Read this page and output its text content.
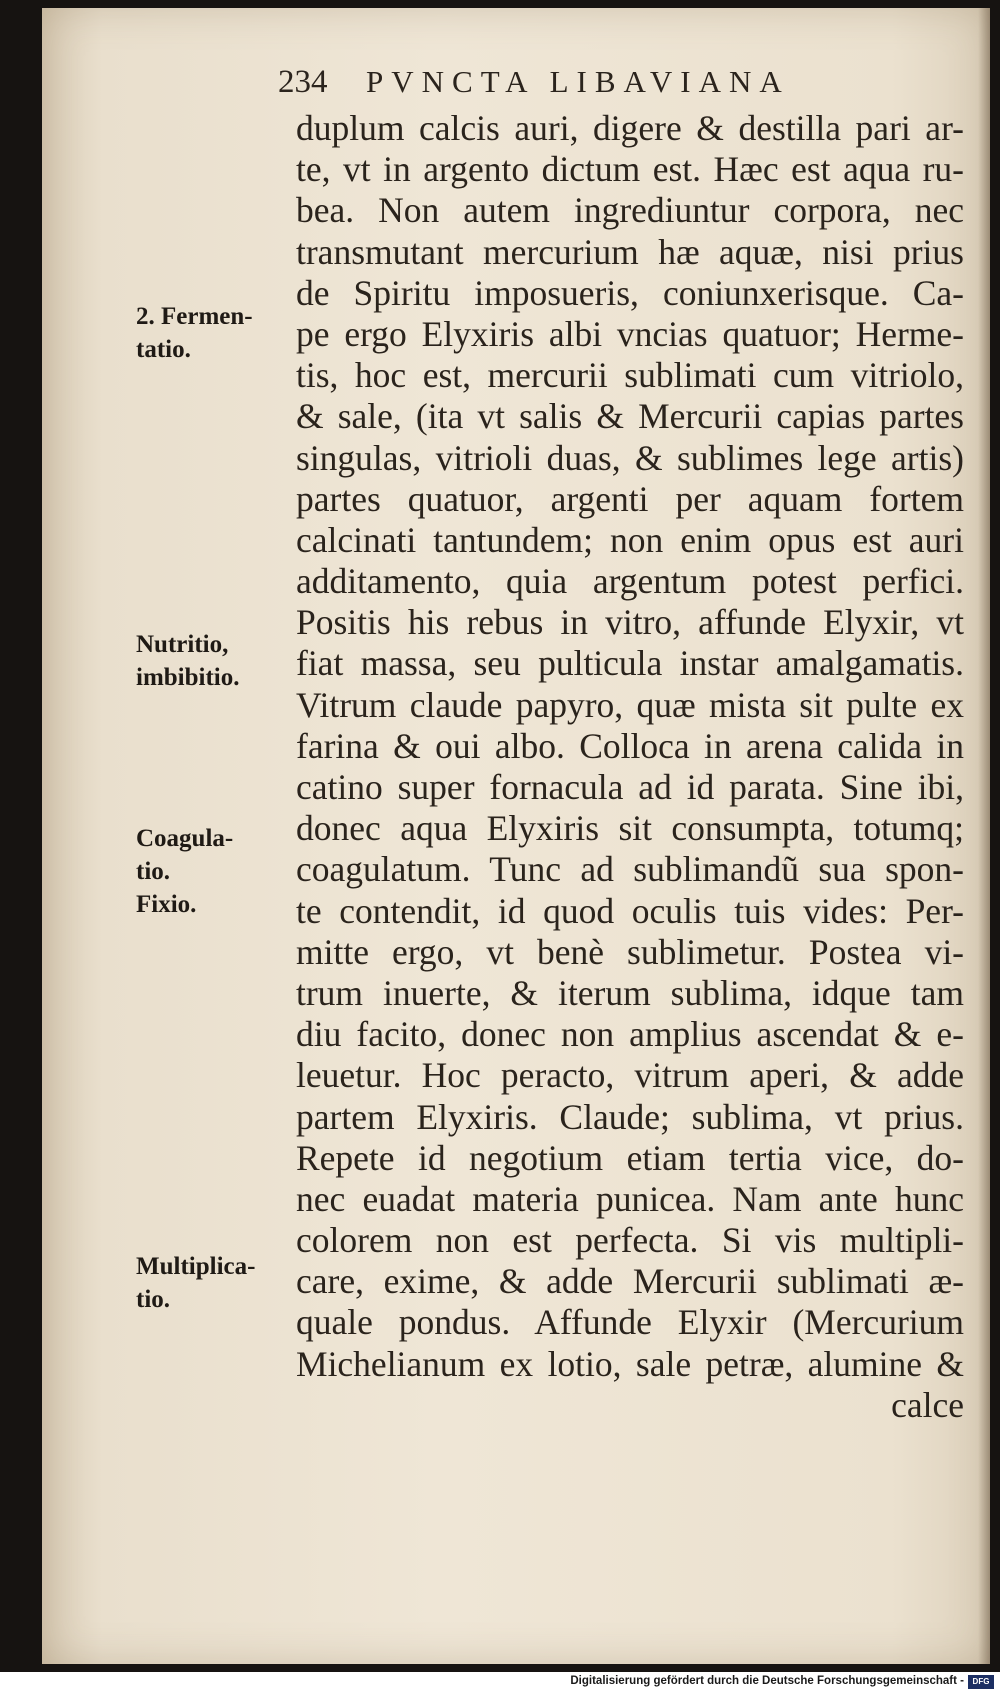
234	PVNCTA LIBAVIANA
duplum calcis auri, digere & destilla pari ar-
te, vt in argento dictum est. Hæc est aqua ru-
bea. Non autem ingrediuntur corpora, nec
transmutant mercurium hæ aquæ, nisi prius
de Spiritu imposueris, coniunxerisque. Ca-
pe ergo Elyxiris albi vncias quatuor; Herme-
tis, hoc est, mercurii sublimati cum vitriolo,
& sale, (ita vt salis & Mercurii capias partes
singulas, vitrioli duas, & sublimes lege artis)
partes quatuor, argenti per aquam fortem
calcinati tantundem; non enim opus est auri
additamento, quia argentum potest perfici.
Positis his rebus in vitro, affunde Elyxir, vt
fiat massa, seu pulticula instar amalgamatis.
Vitrum claude papyro, quæ mista sit pulte ex
farina & oui albo. Colloca in arena calida in
catino super fornacula ad id parata. Sine ibi,
donec aqua Elyxiris sit consumpta, totumq;
coagulatum. Tunc ad sublimandũ sua spon-
te contendit, id quod oculis tuis vides: Per-
mitte ergo, vt benè sublimetur. Postea vi-
trum inuerte, & iterum sublima, idque tam
diu facito, donec non amplius ascendat & e-
leuetur. Hoc peracto, vitrum aperi, & adde
partem Elyxiris. Claude; sublima, vt prius.
Repete id negotium etiam tertia vice, do-
nec euadat materia punicea. Nam ante hunc
colorem non est perfecta. Si vis multipli-
care, exime, & adde Mercurii sublimati æ-
quale pondus. Affunde Elyxir (Mercurium
Michelianum ex lotio, sale petræ, alumine &
calce
2. Fermen-
tatio.
Nutritio,
imbibitio.
Coagula-
tio.
Fixio.
Multiplica-
tio.
Digitalisierung gefördert durch die Deutsche Forschungsgemeinschaft -	DFG
